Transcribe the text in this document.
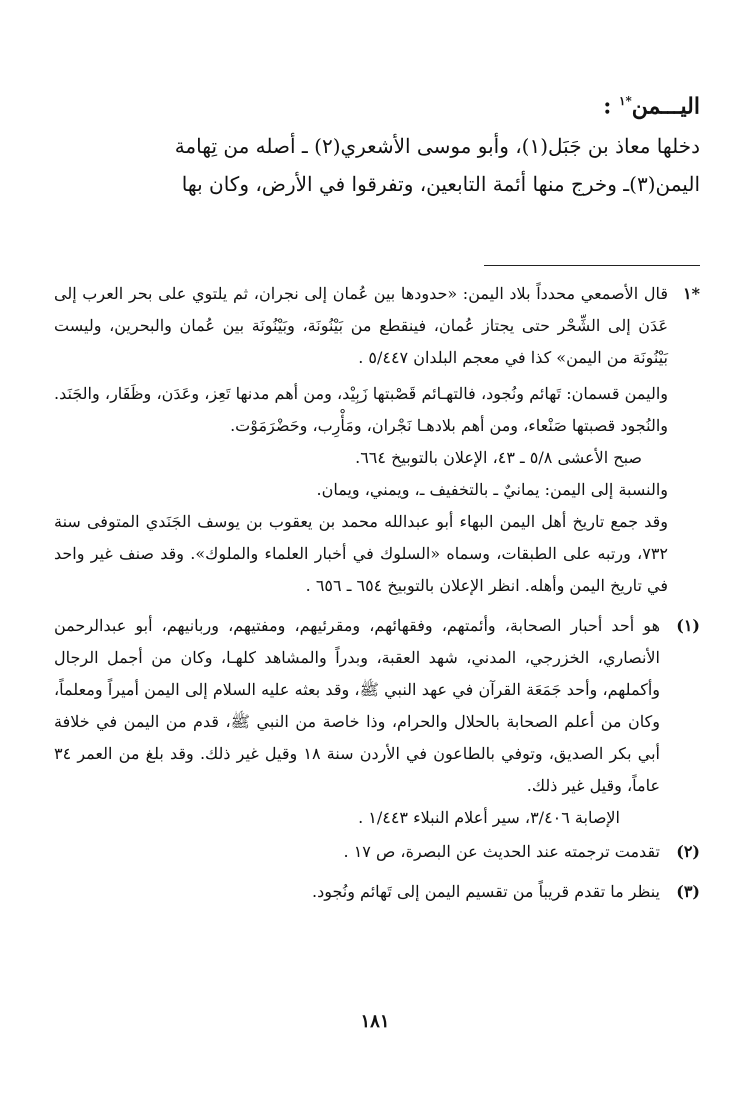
اليـــمن$^{*١}$ :

دخلها معاذ بن جَبَل(١)، وأبو موسى الأشعري(٢) ـ أصله من تِهامة
اليمن(٣)ـ وخرج منها أئمة التابعين، وتفرقوا في الأرض، وكان بها

*١

قال الأصمعي محدداً بلاد اليمن: «حدودها بين عُمان إلى نجران، ثم يلتوي على بحر العرب إلى عَدَن إلى الشِّحْر حتى يجتاز عُمان، فينقطع من بَيْنُونَة، وبَيْنُونَة بين عُمان والبحرين، وليست بَيْنُونَة من اليمن» كذا في معجم البلدان ٥/٤٤٧ .

واليمن قسمان: تَهائم ونُجود، فالتهـائم قَصْبتها زَبِيْد، ومن أهم مدنها تَعِز، وعَدَن، وظَفَار، والجَنَد. والنُجود قصبتها صَنْعاء، ومن أهم بلادهـا نَجْران، ومَأْرِب، وحَضْرَمَوْت.

صبح الأعشى ٥/٨ ـ ٤٣، الإعلان بالتوبيخ ٦٦٤.

والنسبة إلى اليمن: يمانيٌ ـ بالتخفيف ـ، ويمني، ويمان.

وقد جمع تاريخ أهل اليمن البهاء أبو عبدالله محمد بن يعقوب بن يوسف الجَنَدي المتوفى سنة ٧٣٢، ورتبه على الطبقات، وسماه «السلوك في أخبار العلماء والملوك». وقد صنف غير واحد في تاريخ اليمن وأهله. انظر الإعلان بالتوبيخ ٦٥٤ ـ ٦٥٦ .

(١)

هو أحد أحبار الصحابة، وأئمتهم، وفقهائهم، ومقرئيهم، ومفتيهم، وربانيهم، أبو عبدالرحمن الأنصاري، الخزرجي، المدني، شهد العقبة، وبدراً والمشاهد كلهـا، وكان من أجمل الرجال وأكملهم، وأحد جَمَعَة القرآن في عهد النبي ﷺ، وقد بعثه عليه السلام إلى اليمن أميراً ومعلماً، وكان من أعلم الصحابة بالحلال والحرام، وذا خاصة من النبي ﷺ، قدم من اليمن في خلافة أبي بكر الصديق، وتوفي بالطاعون في الأردن سنة ١٨ وقيل غير ذلك. وقد بلغ من العمر ٣٤ عاماً، وقيل غير ذلك.

الإصابة ٣/٤٠٦، سير أعلام النبلاء ١/٤٤٣ .

(٢)
تقدمت ترجمته عند الحديث عن البصرة، ص ١٧ .
(٣)
ينظر ما تقدم قريباً من تقسيم اليمن إلى تَهائم ونُجود.
١٨١
